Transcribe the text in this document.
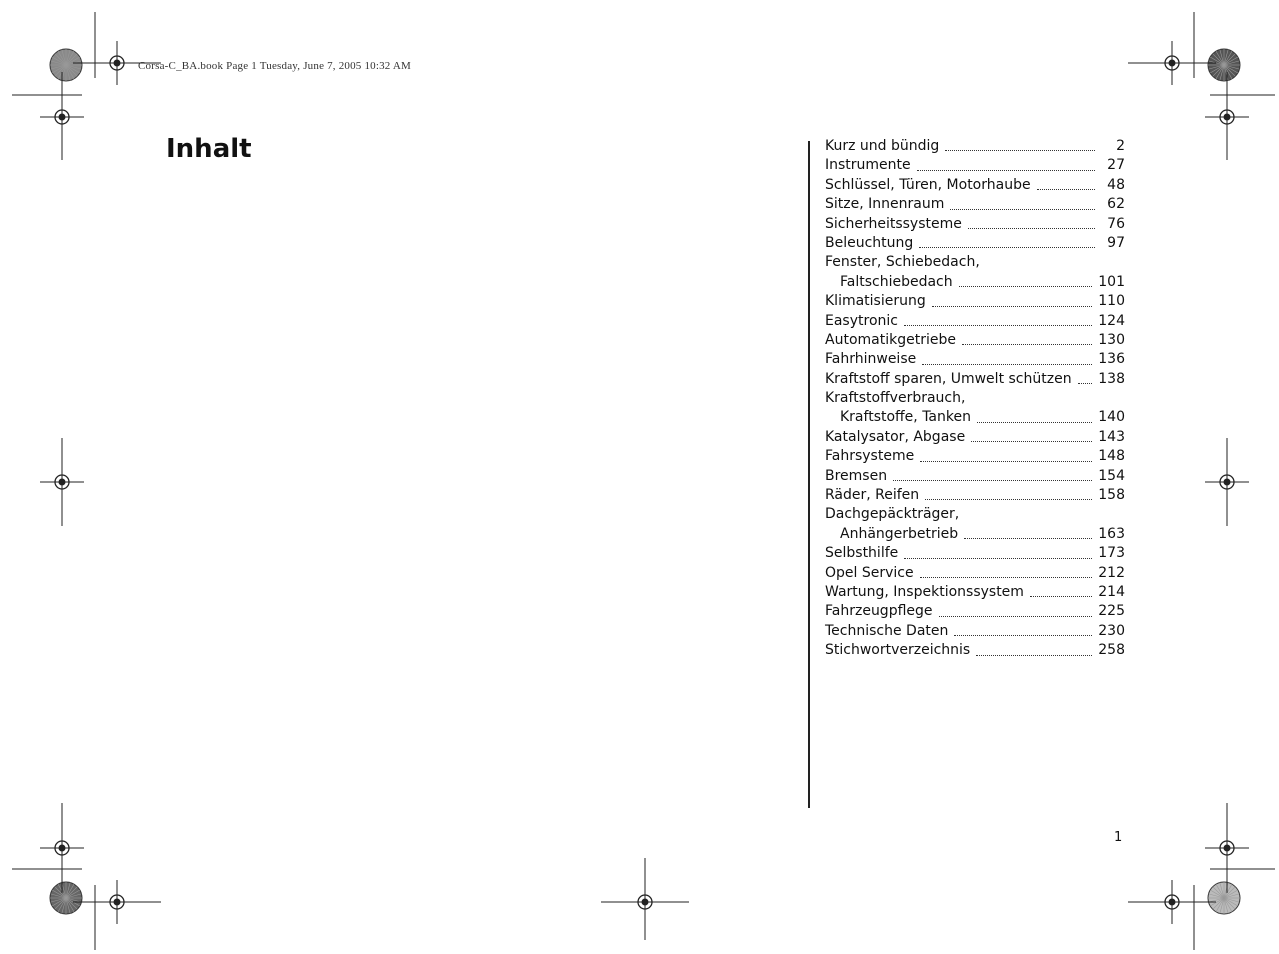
Corsa-C_BA.book Page 1 Tuesday, June 7, 2005 10:32 AM
Inhalt	Kurz und bündig	2
Instrumente	27
Schlüssel, Türen, Motorhaube	48
Sitze, Innenraum	62
Sicherheitssysteme	76
Beleuchtung	97
Fenster, Schiebedach,
Faltschiebedach	101
Klimatisierung	110
Easytronic	124
Automatikgetriebe	130
Fahrhinweise	136
Kraftstoff sparen, Umwelt schützen 138
Kraftstoffverbrauch,
Kraftstoffe, Tanken	140
Katalysator, Abgase	143
Fahrsysteme	148
Bremsen	154
Räder, Reifen	158
Dachgepäckträger,
Anhängerbetrieb	163
Selbsthilfe	173
Opel Service	212
Wartung, Inspektionssystem	214
Fahrzeugpflege	225
Technische Daten	230
Stichwortverzeichnis	258
1
